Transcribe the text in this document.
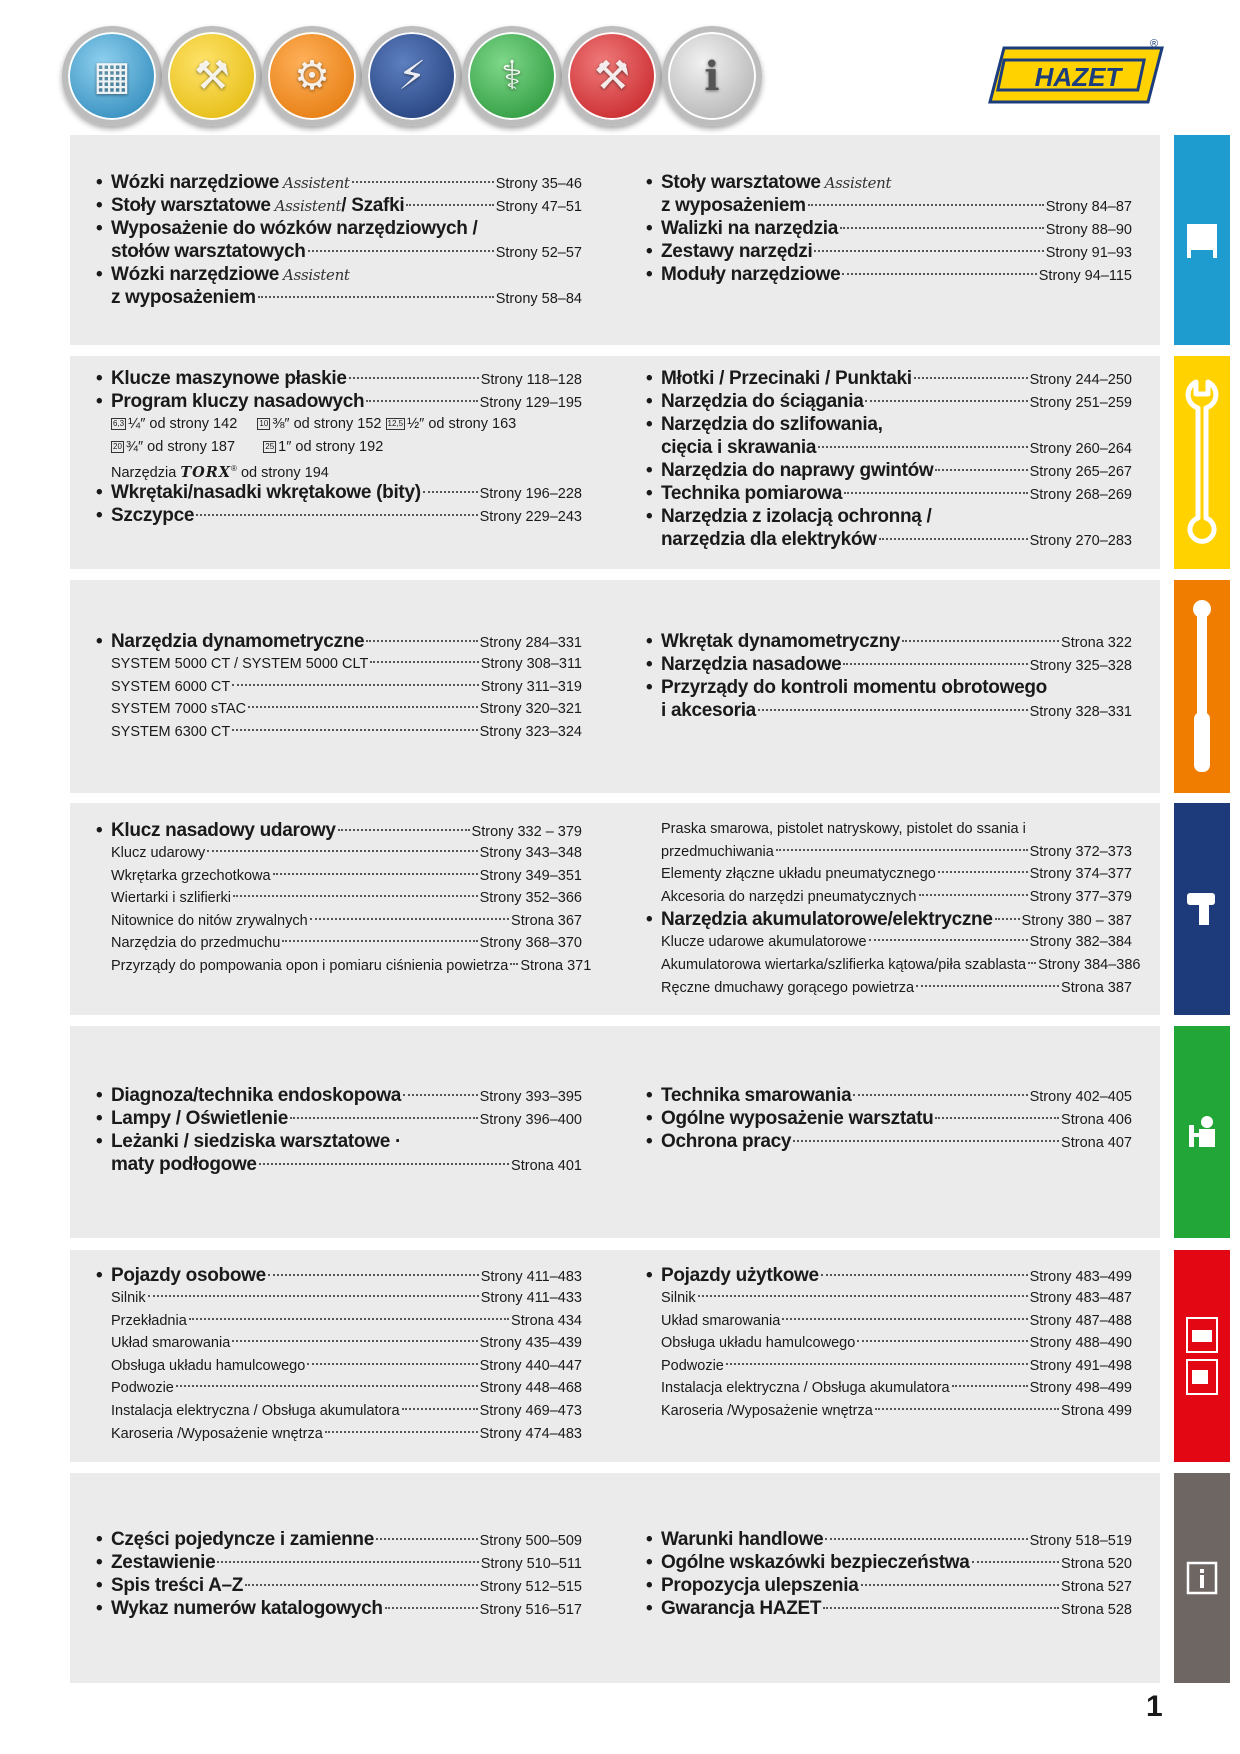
▦ ⚒ ⚙ ⚡	⚕	⚒	i	HAZET
®
• Wózki narzędziowe Assistent	Strony 35–46
• Stoły warsztatowe Assistent / Szafki	Strony 47–51
• Wyposażenie do wózków narzędziowych /
stołów warsztatowych	Strony 52–57
• Wózki narzędziowe Assistent
z wyposażeniem	Strony 58–84
• Stoły warsztatowe Assistent
z wyposażeniem	Strony 84–87
• Walizki na narzędzia	Strony 88–90
• Zestawy narzędzi	Strony 91–93
• Moduły narzędziowe	Strony 94–115
• Klucze maszynowe płaskie	Strony 118–128
• Program kluczy nasadowych	Strony 129–195
6,3 ¼″ od strony 142	10 ⅜″ od strony 152 12,5 ½″ od strony 163
20 ¾″ od strony 187	25 1″ od strony 192
Narzędzia TORX® od strony 194
• Wkrętaki/nasadki wkrętakowe (bity)	Strony 196–228
• Szczypce	Strony 229–243
• Młotki / Przecinaki / Punktaki	Strony 244–250
• Narzędzia do ściągania	Strony 251–259
• Narzędzia do szlifowania,
cięcia i skrawania	Strony 260–264
• Narzędzia do naprawy gwintów	Strony 265–267
• Technika pomiarowa	Strony 268–269
• Narzędzia z izolacją ochronną /
narzędzia dla elektryków	Strony 270–283
• Narzędzia dynamometryczne	Strony 284–331
SYSTEM 5000 CT / SYSTEM 5000 CLT	Strony 308–311
SYSTEM 6000 CT	Strony 311–319
SYSTEM 7000 sTAC	Strony 320–321
SYSTEM 6300 CT	Strony 323–324
• Wkrętak dynamometryczny	Strona 322
• Narzędzia nasadowe	Strony 325–328
• Przyrządy do kontroli momentu obrotowego
i akcesoria	Strony 328–331
• Klucz nasadowy udarowy	Strony 332 – 379
Klucz udarowy	Strony 343–348
Wkrętarka grzechotkowa	Strony 349–351
Wiertarki i szlifierki	Strony 352–366
Nitownice do nitów zrywalnych	Strona 367
Narzędzia do przedmuchu	Strony 368–370
Przyrządy do pompowania opon i pomiaru ciśnienia powietrza Strona 371
Praska smarowa, pistolet natryskowy, pistolet do ssania i
przedmuchiwania	Strony 372–373
Elementy złączne układu pneumatycznego	Strony 374–377
Akcesoria do narzędzi pneumatycznych	Strony 377–379
• Narzędzia akumulatorowe/elektryczne Strony 380 – 387
Klucze udarowe akumulatorowe	Strony 382–384
Akumulatorowa wiertarka/szlifierka kątowa/piła szablasta Strony 384–386
Ręczne dmuchawy gorącego powietrza	Strona 387
• Diagnoza/technika endoskopowa	Strony 393–395
• Lampy / Oświetlenie	Strony 396–400
• Leżanki / siedziska warsztatowe ·
maty podłogowe	Strona 401
• Technika smarowania	Strony 402–405
• Ogólne wyposażenie warsztatu	Strona 406
• Ochrona pracy	Strona 407
• Pojazdy osobowe	Strony 411–483
Silnik	Strony 411–433
Przekładnia	Strona 434
Układ smarowania	Strony 435–439
Obsługa układu hamulcowego	Strony 440–447
Podwozie	Strony 448–468
Instalacja elektryczna / Obsługa akumulatora	Strony 469–473
Karoseria /Wyposażenie wnętrza	Strony 474–483
• Pojazdy użytkowe	Strony 483–499
Silnik	Strony 483–487
Układ smarowania	Strony 487–488
Obsługa układu hamulcowego	Strony 488–490
Podwozie	Strony 491–498
Instalacja elektryczna / Obsługa akumulatora	Strony 498–499
Karoseria /Wyposażenie wnętrza	Strona 499
• Części pojedyncze i zamienne	Strony 500–509
• Zestawienie	Strony 510–511
• Spis treści A–Z	Strony 512–515
• Wykaz numerów katalogowych	Strony 516–517
• Warunki handlowe	Strony 518–519
• Ogólne wskazówki bezpieczeństwa	Strona 520
• Propozycja ulepszenia	Strona 527
• Gwarancja HAZET	Strona 528
1
